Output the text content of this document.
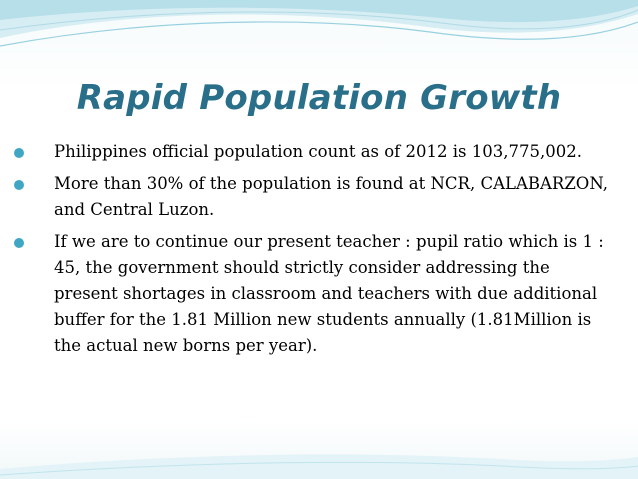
Rapid Population Growth
Philippines official population count as of 2012 is 103,775,002.
More than 30% of the population is found at NCR, CALABARZON, and Central Luzon.
If we are to continue our present teacher : pupil ratio which is 1 : 45, the government should strictly consider addressing the present shortages in classroom and teachers with due additional buffer for the 1.81 Million new students annually (1.81Million is the actual new borns per year).
